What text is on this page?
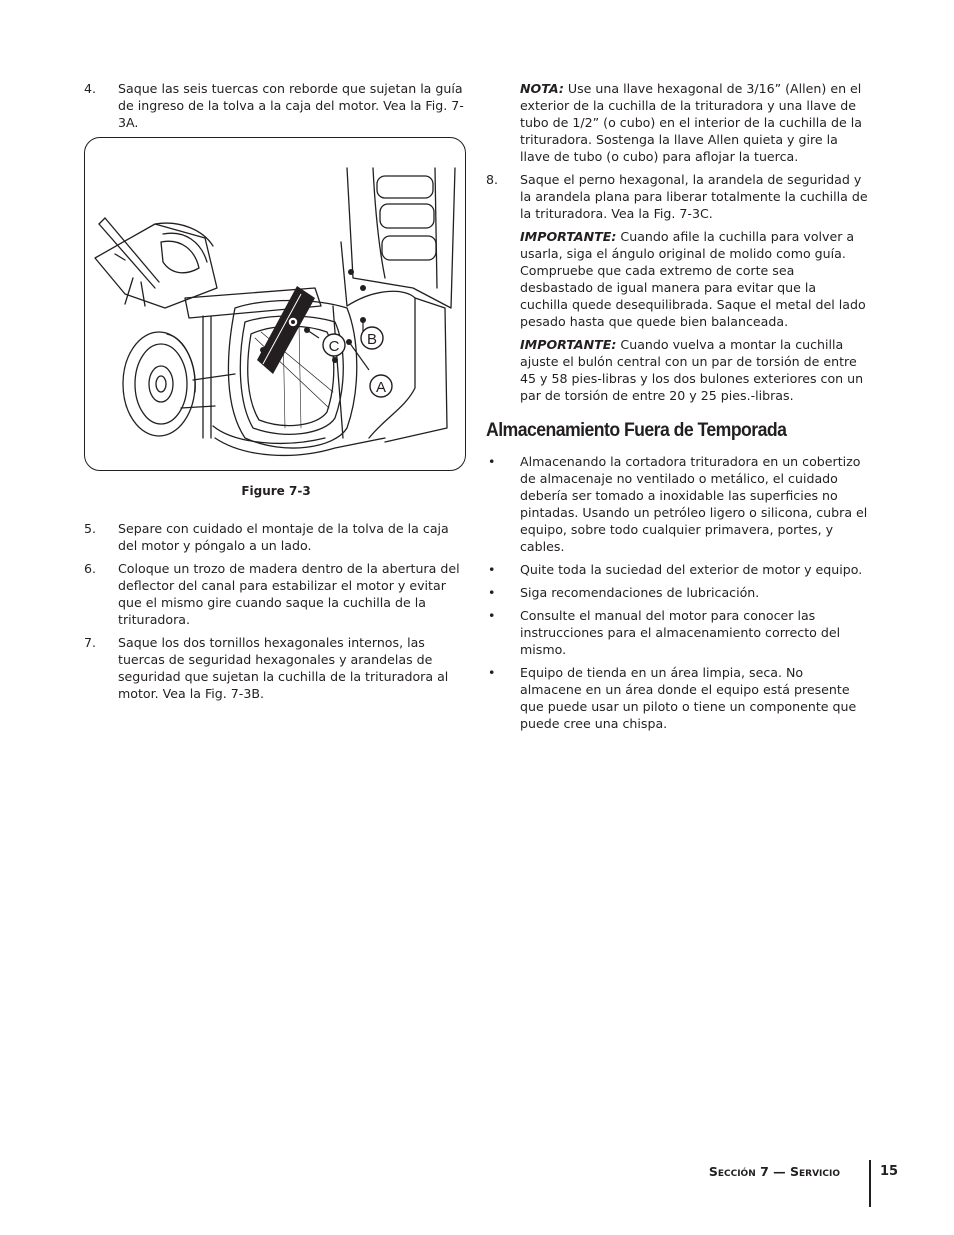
4. Saque las seis tuercas con reborde que sujetan la guía de ingreso de la tolva a la caja del motor. Vea la Fig. 7-3A.
C B
A
Figure 7-3
5. Separe con cuidado el montaje de la tolva de la caja del motor y póngalo a un lado.
6. Coloque un trozo de madera dentro de la abertura del deflector del canal para estabilizar el motor y evitar que el mismo gire cuando saque la cuchilla de la trituradora.
7. Saque los dos tornillos hexagonales internos, las tuercas de seguridad hexagonales y arandelas de seguridad que sujetan la cuchilla de la trituradora al motor. Vea la Fig. 7-3B.

NOTA: Use una llave hexagonal de 3/16” (Allen) en el exterior de la cuchilla de la trituradora y una llave de tubo de 1/2” (o cubo) en el interior de la cuchilla de la trituradora. Sostenga la llave Allen quieta y gire la llave de tubo (o cubo) para aflojar la tuerca.

8. Saque el perno hexagonal, la arandela de seguridad y la arandela plana para liberar totalmente la cuchilla de la trituradora. Vea la Fig. 7-3C.

IMPORTANTE: Cuando afile la cuchilla para volver a usarla, siga el ángulo original de molido como guía. Compruebe que cada extremo de corte sea desbastado de igual manera para evitar que la cuchilla quede desequilibrada. Saque el metal del lado pesado hasta que quede bien balanceada.

IMPORTANTE: Cuando vuelva a montar la cuchilla ajuste el bulón central con un par de torsión de entre 45 y 58 pies-libras y los dos bulones exteriores con un par de torsión de entre 20 y 25 pies.-libras.

Almacenamiento Fuera de Temporada
• Almacenando la cortadora trituradora en un cobertizo de almacenaje no ventilado o metálico, el cuidado debería ser tomado a inoxidable las superficies no pintadas. Usando un petróleo ligero o silicona, cubra el equipo, sobre todo cualquier primavera, portes, y cables.
• Quite toda la suciedad del exterior de motor y equipo.
• Siga recomendaciones de lubricación.
• Consulte el manual del motor para conocer las instrucciones para el almacenamiento correcto del mismo.
• Equipo de tienda en un área limpia, seca. No almacene en un área donde el equipo está presente que puede usar un piloto o tiene un componente que puede cree una chispa.
Sección 7 — Servicio	15
